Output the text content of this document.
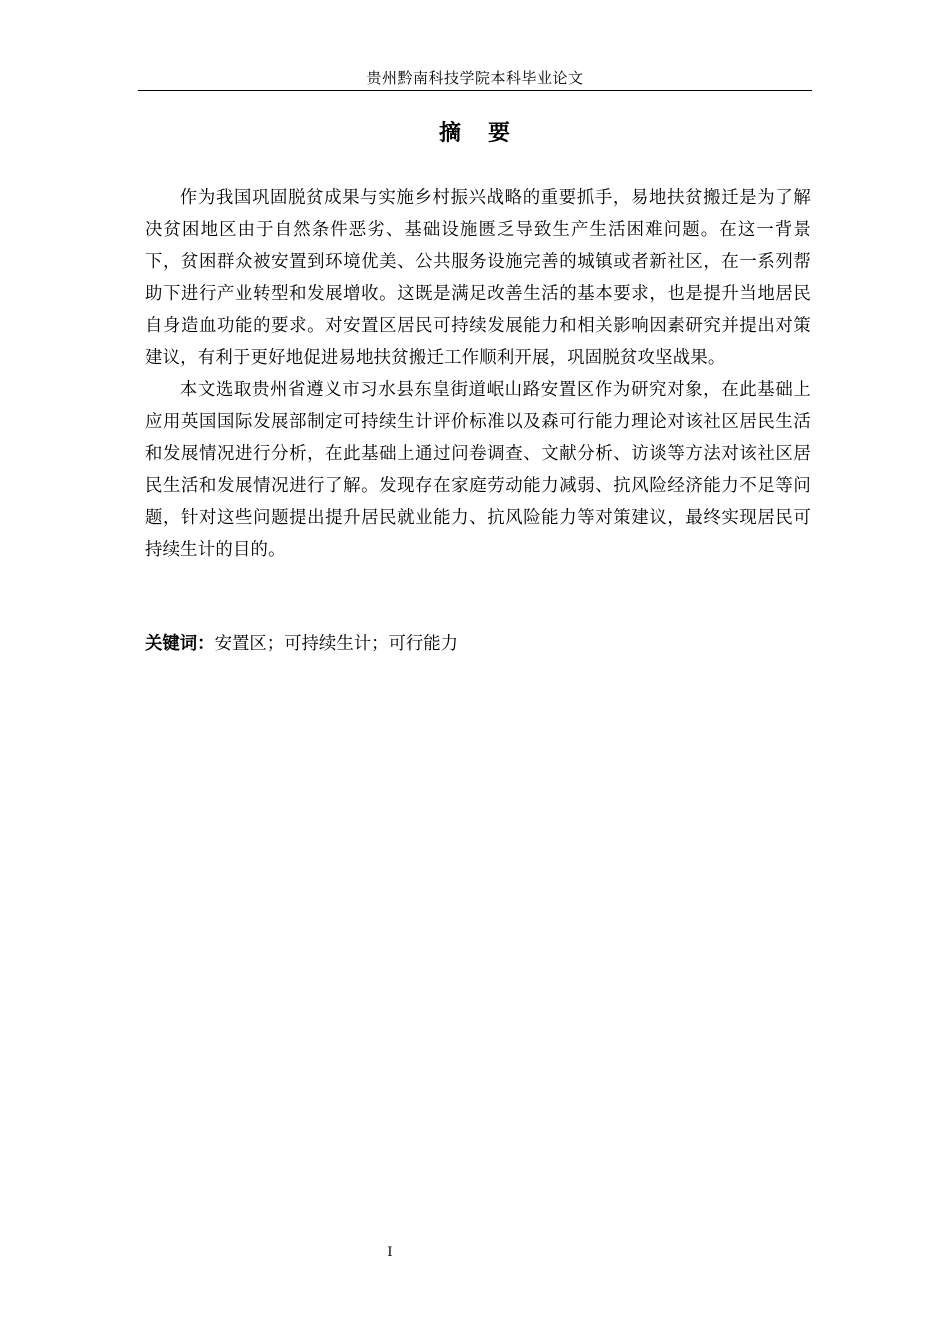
贵州黔南科技学院本科毕业论文
摘 要

作为我国巩固脱贫成果与实施乡村振兴战略的重要抓手，易地扶贫搬迁是为了解决贫困地区由于自然条件恶劣、基础设施匮乏导致生产生活困难问题。在这一背景下，贫困群众被安置到环境优美、公共服务设施完善的城镇或者新社区，在一系列帮助下进行产业转型和发展增收。这既是满足改善生活的基本要求，也是提升当地居民自身造血功能的要求。对安置区居民可持续发展能力和相关影响因素研究并提出对策建议，有利于更好地促进易地扶贫搬迁工作顺利开展，巩固脱贫攻坚战果。

本文选取贵州省遵义市习水县东皇街道岷山路安置区作为研究对象，在此基础上应用英国国际发展部制定可持续生计评价标准以及森可行能力理论对该社区居民生活和发展情况进行分析，在此基础上通过问卷调查、文献分析、访谈等方法对该社区居民生活和发展情况进行了解。发现存在家庭劳动能力减弱、抗风险经济能力不足等问题，针对这些问题提出提升居民就业能力、抗风险能力等对策建议，最终实现居民可持续生计的目的。

关键词：安置区；可持续生计；可行能力
I
